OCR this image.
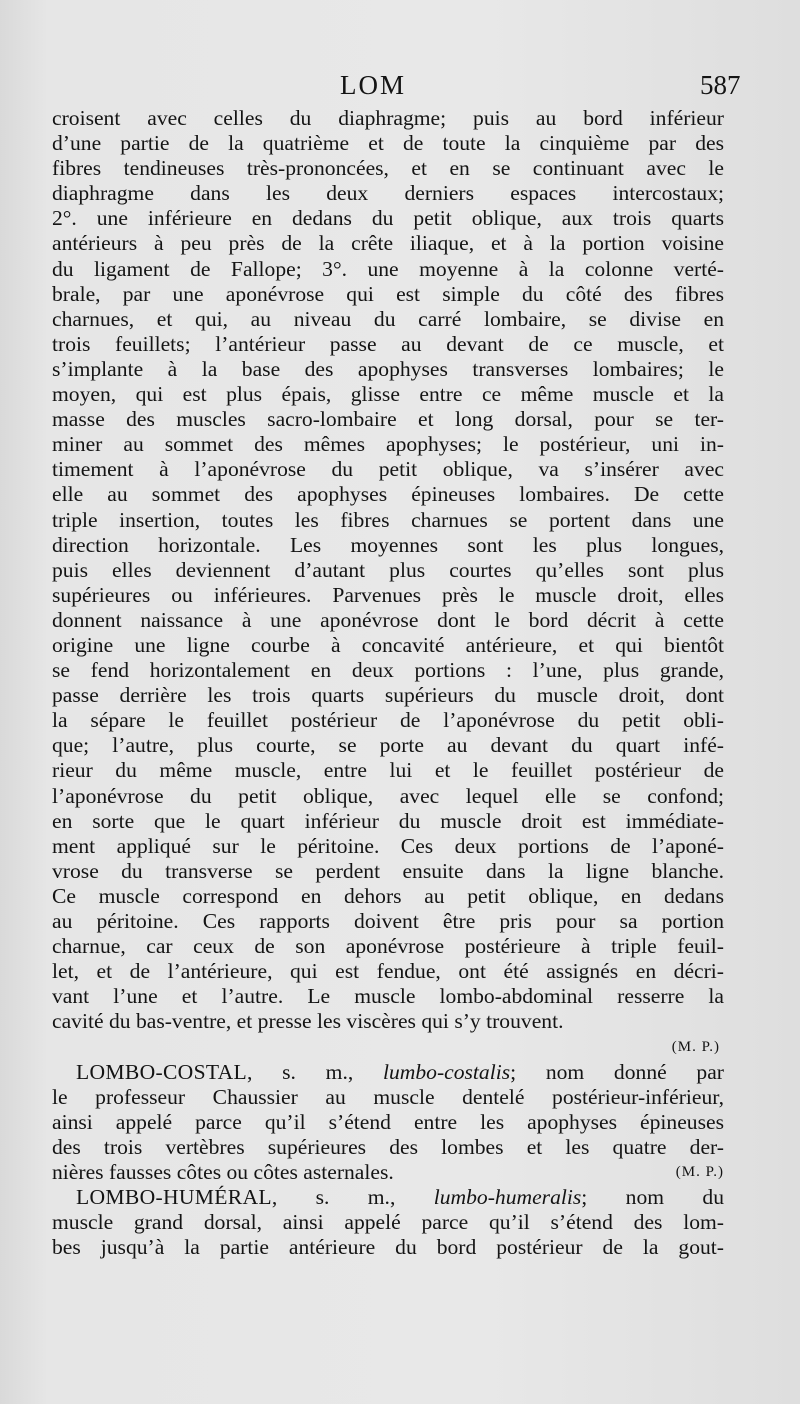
LOM	587
croisent avec celles du diaphragme; puis au bord inférieur
d’une partie de la quatrième et de toute la cinquième par des
fibres tendineuses très-prononcées, et en se continuant avec le
diaphragme dans les deux derniers espaces intercostaux;
2°. une inférieure en dedans du petit oblique, aux trois quarts
antérieurs à peu près de la crête iliaque, et à la portion voisine
du ligament de Fallope; 3°. une moyenne à la colonne verté-
brale, par une aponévrose qui est simple du côté des fibres
charnues, et qui, au niveau du carré lombaire, se divise en
trois feuillets; l’antérieur passe au devant de ce muscle, et
s’implante à la base des apophyses transverses lombaires; le
moyen, qui est plus épais, glisse entre ce même muscle et la
masse des muscles sacro-lombaire et long dorsal, pour se ter-
miner au sommet des mêmes apophyses; le postérieur, uni in-
timement à l’aponévrose du petit oblique, va s’insérer avec
elle au sommet des apophyses épineuses lombaires. De cette
triple insertion, toutes les fibres charnues se portent dans une
direction horizontale. Les moyennes sont les plus longues,
puis elles deviennent d’autant plus courtes qu’elles sont plus
supérieures ou inférieures. Parvenues près le muscle droit, elles
donnent naissance à une aponévrose dont le bord décrit à cette
origine une ligne courbe à concavité antérieure, et qui bientôt
se fend horizontalement en deux portions : l’une, plus grande,
passe derrière les trois quarts supérieurs du muscle droit, dont
la sépare le feuillet postérieur de l’aponévrose du petit obli-
que; l’autre, plus courte, se porte au devant du quart infé-
rieur du même muscle, entre lui et le feuillet postérieur de
l’aponévrose du petit oblique, avec lequel elle se confond;
en sorte que le quart inférieur du muscle droit est immédiate-
ment appliqué sur le péritoine. Ces deux portions de l’aponé-
vrose du transverse se perdent ensuite dans la ligne blanche.
Ce muscle correspond en dehors au petit oblique, en dedans
au péritoine. Ces rapports doivent être pris pour sa portion
charnue, car ceux de son aponévrose postérieure à triple feuil-
let, et de l’antérieure, qui est fendue, ont été assignés en décri-
vant l’une et l’autre. Le muscle lombo-abdominal resserre la
cavité du bas-ventre, et presse les viscères qui s’y trouvent.
(M. P.)
LOMBO-COSTAL, s. m., lumbo-costalis; nom donné par
le professeur Chaussier au muscle dentelé postérieur-inférieur,
ainsi appelé parce qu’il s’étend entre les apophyses épineuses
des trois vertèbres supérieures des lombes et les quatre der-
nières fausses côtes ou côtes asternales.	(M. P.)
LOMBO-HUMÉRAL, s. m., lumbo-humeralis; nom du
muscle grand dorsal, ainsi appelé parce qu’il s’étend des lom-
bes jusqu’à la partie antérieure du bord postérieur de la gout-
